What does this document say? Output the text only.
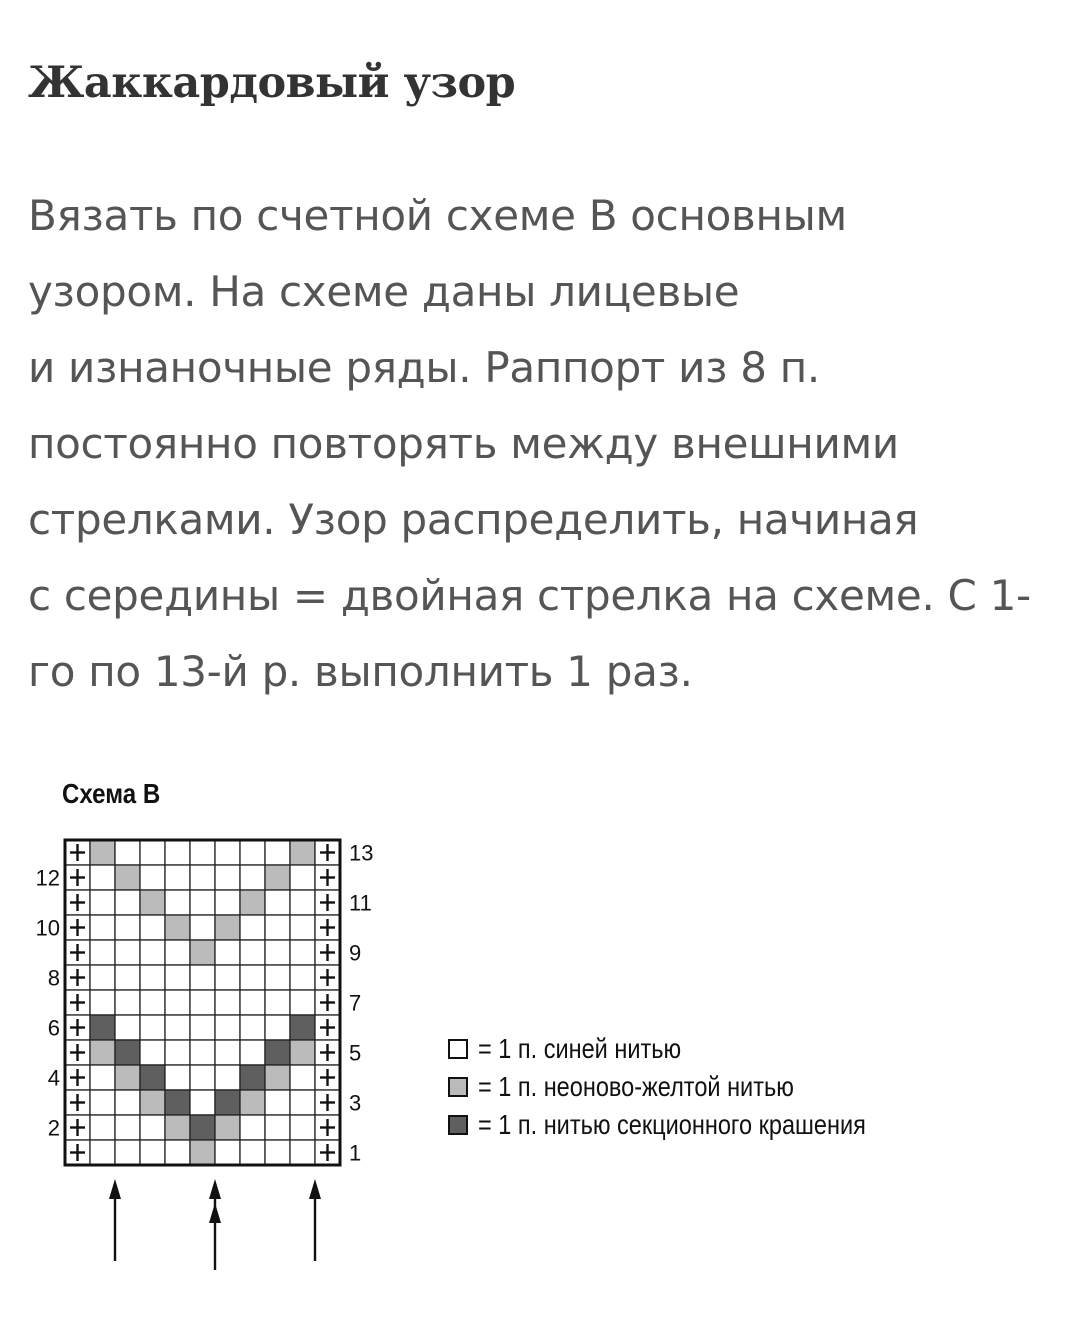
Жаккардовый узор

Вязать по счетной схеме В основным
узором. На схеме даны лицевые
и изнаночные ряды. Раппорт из 8 п.
постоянно повторять между внешними
стрелками. Узор распределить, начиная
с середины = двойная стрелка на схеме. С 1-
го по 13-й р. выполнить 1 раз.

Схема В
13
11
9
7
5
3
1
12
10
8
6
4
2
= 1 п. синей нитью
= 1 п. неоново-желтой нитью
= 1 п. нитью секционного крашения
